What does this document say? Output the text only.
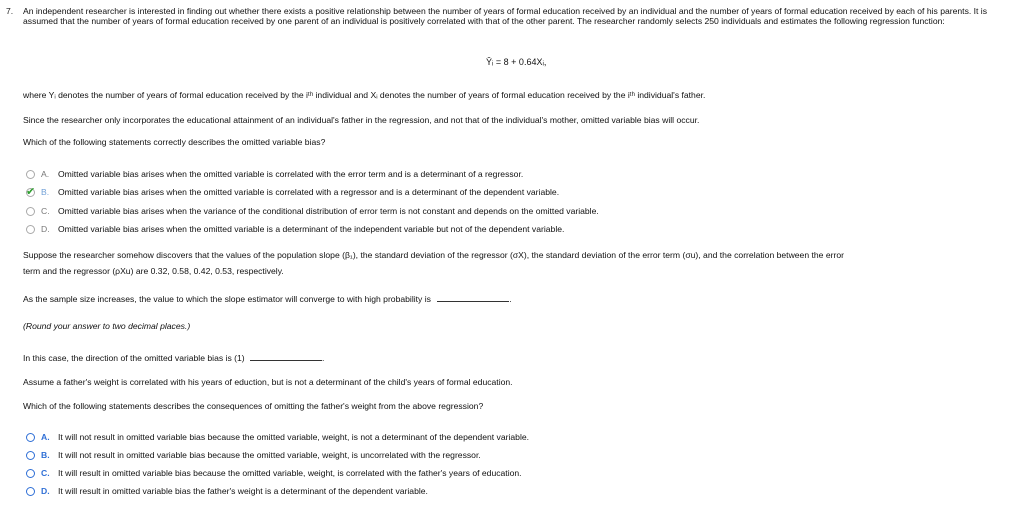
7. An independent researcher is interested in finding out whether there exists a positive relationship between the number of years of formal education received by an individual and the number of years of formal education received by each of his parents. It is assumed that the number of years of formal education received by one parent of an individual is positively correlated with that of the other parent. The researcher randomly selects 250 individuals and estimates the following regression function:
Ŷᵢ = 8 + 0.64Xᵢ,
where Yᵢ denotes the number of years of formal education received by the iᵗʰ individual and Xᵢ denotes the number of years of formal education received by the iᵗʰ individual's father.
Since the researcher only incorporates the educational attainment of an individual's father in the regression, and not that of the individual's mother, omitted variable bias will occur.
Which of the following statements correctly describes the omitted variable bias?
A.	Omitted variable bias arises when the omitted variable is correlated with the error term and is a determinant of a regressor.
✔ B.	Omitted variable bias arises when the omitted variable is correlated with a regressor and is a determinant of the dependent variable.
C. Omitted variable bias arises when the variance of the conditional distribution of error term is not constant and depends on the omitted variable.
D. Omitted variable bias arises when the omitted variable is a determinant of the independent variable but not of the dependent variable.
Suppose the researcher somehow discovers that the values of the population slope (β₁), the standard deviation of the regressor (σX), the standard deviation of the error term (σu), and the correlation between the error
term and the regressor (ρXu) are 0.32, 0.58, 0.42, 0.53, respectively.
As the sample size increases, the value to which the slope estimator will converge to with high probability is	.
(Round your answer to two decimal places.)
In this case, the direction of the omitted variable bias is (1)	.
Assume a father's weight is correlated with his years of eduction, but is not a determinant of the child's years of formal education.
Which of the following statements describes the consequences of omitting the father's weight from the above regression?
A. It will not result in omitted variable bias because the omitted variable, weight, is not a determinant of the dependent variable.
B. It will not result in omitted variable bias because the omitted variable, weight, is uncorrelated with the regressor.
C. It will result in omitted variable bias because the omitted variable, weight, is correlated with the father's years of education.
D. It will result in omitted variable bias the father's weight is a determinant of the dependent variable.
